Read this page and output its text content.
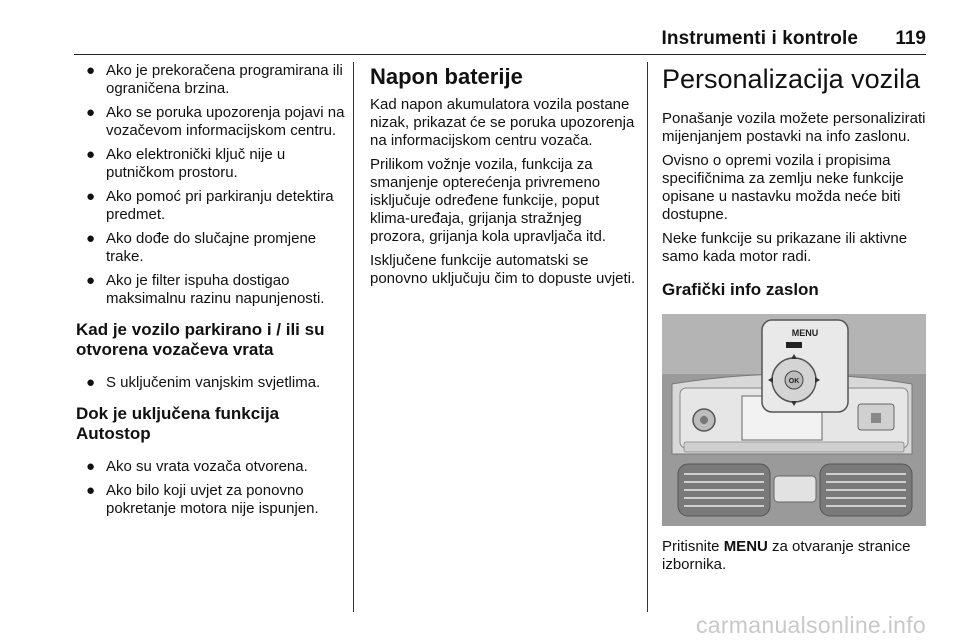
Instrumenti i kontrole 119
● Ako je prekoračena programirana ili ograničena brzina.
● Ako se poruka upozorenja pojavi na vozačevom informacijskom centru.
● Ako elektronički ključ nije u putničkom prostoru.
● Ako pomoć pri parkiranju detektira predmet.
● Ako dođe do slučajne promjene trake.
● Ako je filter ispuha dostigao maksimalnu razinu napunjenosti.
Kad je vozilo parkirano i / ili su otvorena vozačeva vrata
● S uključenim vanjskim svjetlima.
Dok je uključena funkcija Autostop
● Ako su vrata vozača otvorena.
● Ako bilo koji uvjet za ponovno pokretanje motora nije ispunjen.
Napon baterije

Kad napon akumulatora vozila postane nizak, prikazat će se poruka upozorenja na informacijskom centru vozača.

Prilikom vožnje vozila, funkcija za smanjenje opterećenja privremeno isključuje određene funkcije, poput klima-uređaja, grijanja stražnjeg prozora, grijanja kola upravljača itd.

Isključene funkcije automatski se ponovno uključuju čim to dopuste uvjeti.

Personalizacija vozila

Ponašanje vozila možete personalizirati mijenjanjem postavki na info zaslonu.

Ovisno o opremi vozila i propisima specifičnima za zemlju neke funkcije opisane u nastavku možda neće biti dostupne.

Neke funkcije su prikazane ili aktivne samo kada motor radi.

Grafički info zaslon
MENU
OK

Pritisnite MENU za otvaranje stranice izbornika.

carmanualsonline.info
